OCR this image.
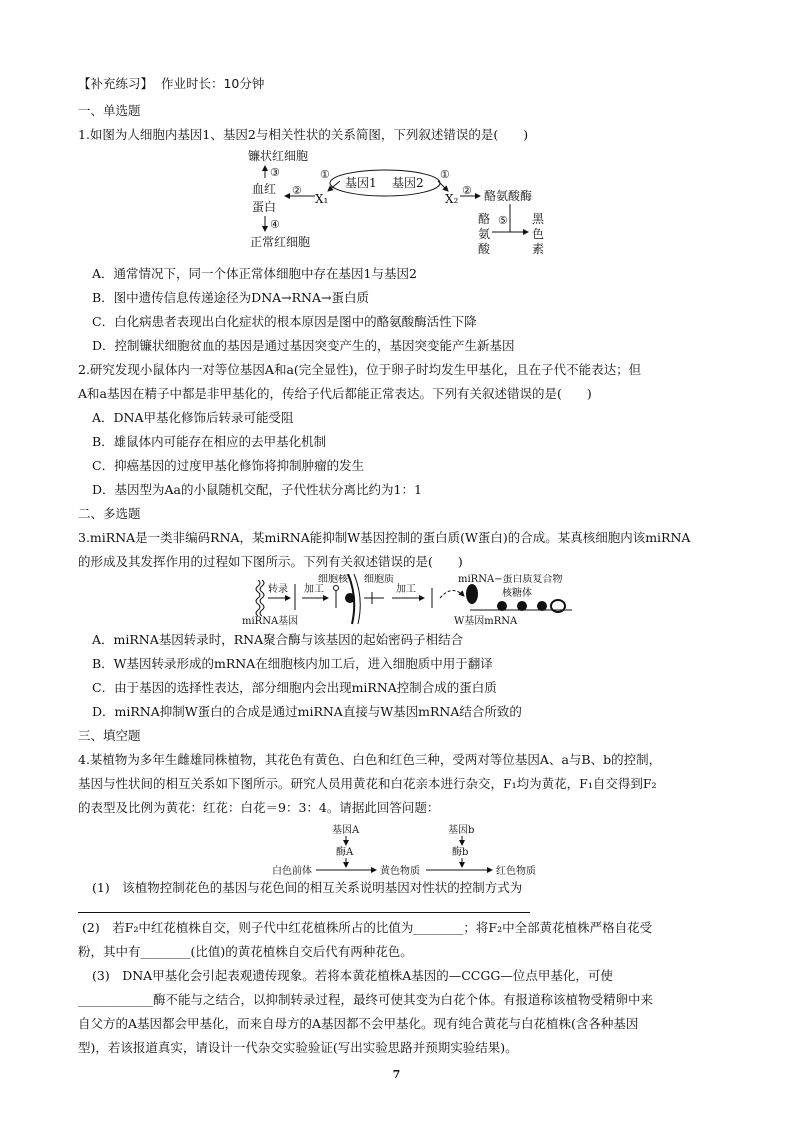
【补充练习】 作业时长：10分钟
一、单选题
1.如图为人细胞内基因1、基因2与相关性状的关系简图，下列叙述错误的是(　　)
镰状红细胞
③
血红
蛋白
④
正常红细胞
②
X₁
①
基因1 基因2
①
X₂
② 酪氨酸酶
酪
氨
酸
⑤ 黑
色
素
A．通常情况下，同一个体正常体细胞中存在基因1与基因2
B．图中遗传信息传递途径为DNA→RNA→蛋白质
C．白化病患者表现出白化症状的根本原因是图中的酪氨酸酶活性下降
D．控制镰状细胞贫血的基因是通过基因突变产生的，基因突变能产生新基因
2.研究发现小鼠体内一对等位基因A和a(完全显性)，位于卵子时均发生甲基化，且在子代不能表达；但
A和a基因在精子中都是非甲基化的，传给子代后都能正常表达。下列有关叙述错误的是(　　)
A．DNA甲基化修饰后转录可能受阻
B．雄鼠体内可能存在相应的去甲基化机制
C．抑癌基因的过度甲基化修饰将抑制肿瘤的发生
D．基因型为Aa的小鼠随机交配，子代性状分离比约为1：1
二、多选题
3.miRNA是一类非编码RNA，某miRNA能抑制W基因控制的蛋白质(W蛋白)的合成。某真核细胞内该miRNA
的形成及其发挥作用的过程如下图所示。下列有关叙述错误的是(　　)
miRNA基因
转录 加工
细胞核 细胞质
加工
miRNA−蛋白质复合物
核糖体
W基因mRNA
A．miRNA基因转录时，RNA聚合酶与该基因的起始密码子相结合
B．W基因转录形成的mRNA在细胞核内加工后，进入细胞质中用于翻译
C．由于基因的选择性表达，部分细胞内会出现miRNA控制合成的蛋白质
D．miRNA抑制W蛋白的合成是通过miRNA直接与W基因mRNA结合所致的
三、填空题
4.某植物为多年生雌雄同株植物，其花色有黄色、白色和红色三种，受两对等位基因A、a与B、b的控制，
基因与性状间的相互关系如下图所示。研究人员用黄花和白花亲本进行杂交，F₁均为黄花，F₁自交得到F₂
的表型及比例为黄花：红花：白花＝9：3：4。请据此回答问题：
基因A
酶A
基因b
酶b
白色前体	黄色物质	红色物质
(1)　该植物控制花色的基因与花色间的相互关系说明基因对性状的控制方式为
(2)　若F₂中红花植株自交，则子代中红花植株所占的比值为________；将F₂中全部黄花植株严格自花受
粉，其中有________(比值)的黄花植株自交后代有两种花色。
(3)　DNA甲基化会引起表观遗传现象。若将本黄花植株A基因的—CCGG—位点甲基化，可使
____________酶不能与之结合，以抑制转录过程，最终可使其变为白花个体。有报道称该植物受精卵中来
自父方的A基因都会甲基化，而来自母方的A基因都不会甲基化。现有纯合黄花与白花植株(含各种基因
型)，若该报道真实，请设计一代杂交实验验证(写出实验思路并预期实验结果)。
7
